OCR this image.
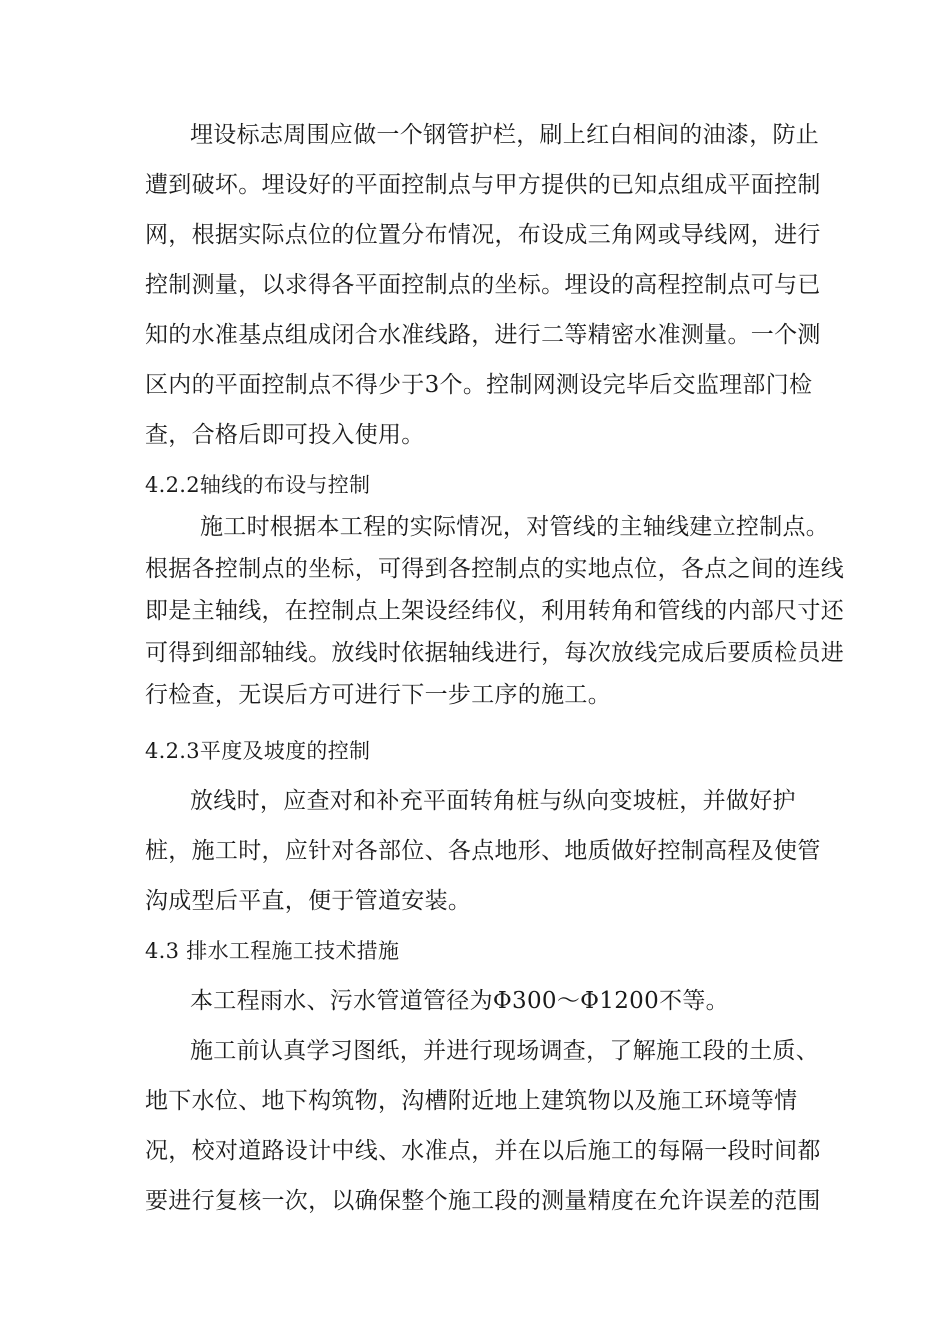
埋设标志周围应做一个钢管护栏，刷上红白相间的油漆，防止
遭到破坏。埋设好的平面控制点与甲方提供的已知点组成平面控制
网，根据实际点位的位置分布情况，布设成三角网或导线网，进行
控制测量，以求得各平面控制点的坐标。埋设的高程控制点可与已
知的水准基点组成闭合水准线路，进行二等精密水准测量。一个测
区内的平面控制点不得少于3个。控制网测设完毕后交监理部门检
查，合格后即可投入使用。
4.2.2轴线的布设与控制
施工时根据本工程的实际情况，对管线的主轴线建立控制点。
根据各控制点的坐标，可得到各控制点的实地点位，各点之间的连线
即是主轴线，在控制点上架设经纬仪，利用转角和管线的内部尺寸还
可得到细部轴线。放线时依据轴线进行，每次放线完成后要质检员进
行检查，无误后方可进行下一步工序的施工。
4.2.3平度及坡度的控制
放线时，应查对和补充平面转角桩与纵向变坡桩，并做好护
桩，施工时，应针对各部位、各点地形、地质做好控制高程及使管
沟成型后平直，便于管道安装。
4.3 排水工程施工技术措施
本工程雨水、污水管道管径为Φ300～Φ1200不等。
施工前认真学习图纸，并进行现场调查，了解施工段的土质、
地下水位、地下构筑物，沟槽附近地上建筑物以及施工环境等情
况，校对道路设计中线、水准点，并在以后施工的每隔一段时间都
要进行复核一次，以确保整个施工段的测量精度在允许误差的范围
